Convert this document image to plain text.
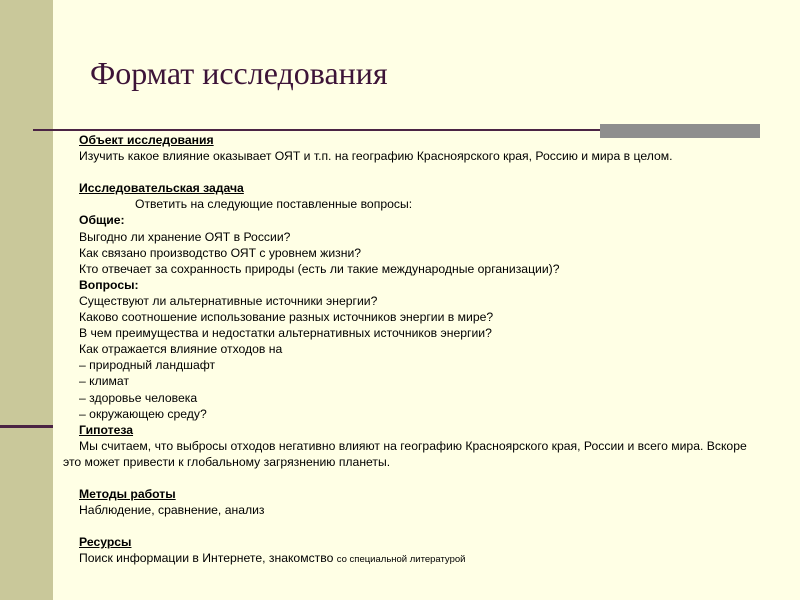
Формат исследования
Объект исследования
Изучить какое влияние оказывает ОЯТ и т.п. на географию Красноярского края, Россию и мира в целом.
Исследовательская задача
Ответить на следующие поставленные вопросы:
Общие:
Выгодно ли хранение ОЯТ в России?
Как связано производство ОЯТ с уровнем жизни?
Кто отвечает за сохранность природы (есть ли такие международные организации)?
Вопросы:
Существуют ли альтернативные источники энергии?
Каково соотношение использование разных источников энергии в мире?
В чем преимущества и недостатки альтернативных источников энергии?
Как отражается влияние отходов на
– природный ландшафт
– климат
– здоровье человека
– окружающею среду?
Гипотеза
Мы считаем, что выбросы отходов негативно влияют на географию Красноярского края, России и всего мира. Вскоре это может привести к глобальному загрязнению планеты.
Методы работы
Наблюдение, сравнение, анализ
Ресурсы
Поиск информации в Интернете, знакомство со специальной литературой
